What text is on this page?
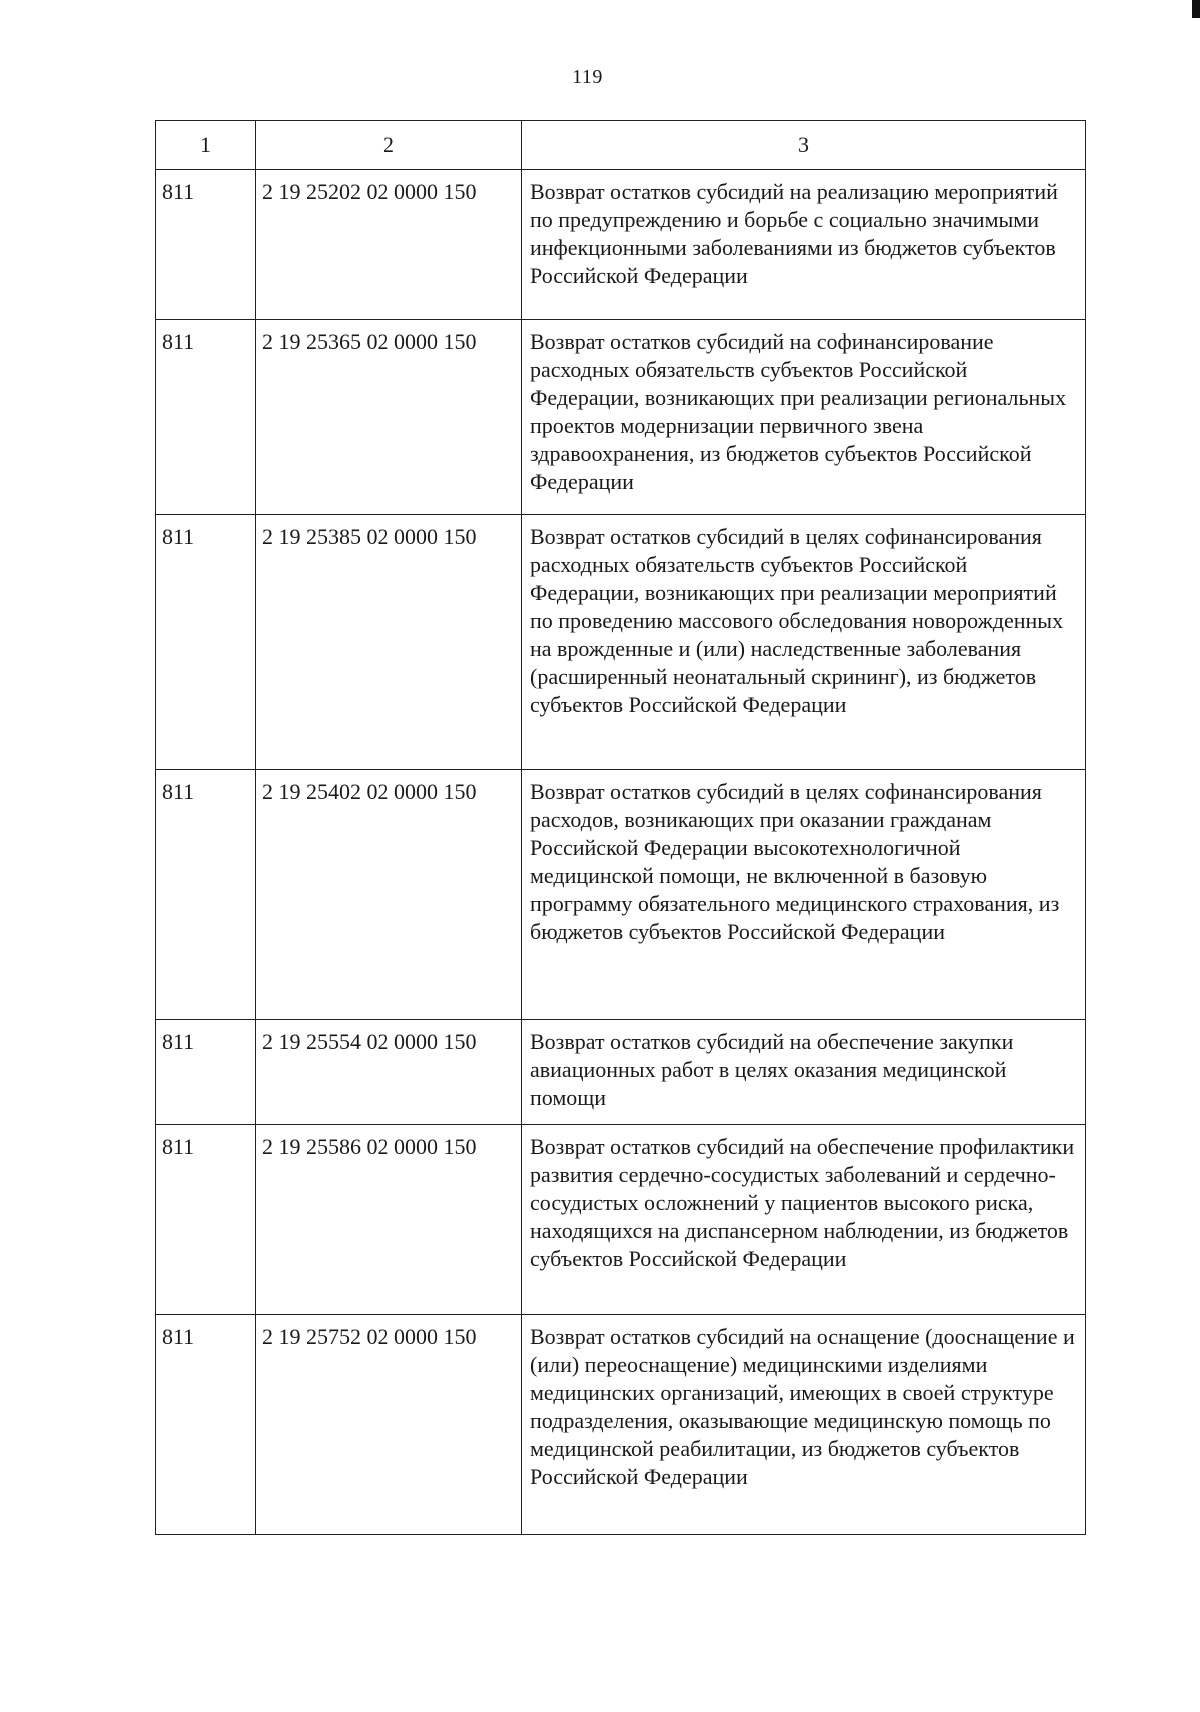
119
1	2	3
811	2 19 25202 02 0000 150	Возврат остатков субсидий на реализацию мероприятий по предупреждению и борьбе с социально значимыми инфекционными заболеваниями из бюджетов субъектов Российской Федерации
811	2 19 25365 02 0000 150	Возврат остатков субсидий на софинансирование расходных обязательств субъектов Российской Федерации, возникающих при реализации региональных проектов модернизации первичного звена здравоохранения, из бюджетов субъектов Российской Федерации
811	2 19 25385 02 0000 150	Возврат остатков субсидий в целях софинансирования расходных обязательств субъектов Российской Федерации, возникающих при реализации мероприятий по проведению массового обследования новорожденных на врожденные и (или) наследственные заболевания (расширенный неонатальный скрининг), из бюджетов субъектов Российской Федерации
811	2 19 25402 02 0000 150	Возврат остатков субсидий в целях софинансирования расходов, возникающих при оказании гражданам Российской Федерации высокотехнологичной медицинской помощи, не включенной в базовую программу обязательного медицинского страхования, из бюджетов субъектов Российской Федерации
811	2 19 25554 02 0000 150	Возврат остатков субсидий на обеспечение закупки авиационных работ в целях оказания медицинской помощи
811	2 19 25586 02 0000 150	Возврат остатков субсидий на обеспечение профилактики развития сердечно-сосудистых заболеваний и сердечно-сосудистых осложнений у пациентов высокого риска, находящихся на диспансерном наблюдении, из бюджетов субъектов Российской Федерации
811	2 19 25752 02 0000 150	Возврат остатков субсидий на оснащение (дооснащение и (или) переоснащение) медицинскими изделиями медицинских организаций, имеющих в своей структуре подразделения, оказывающие медицинскую помощь по медицинской реабилитации, из бюджетов субъектов Российской Федерации
